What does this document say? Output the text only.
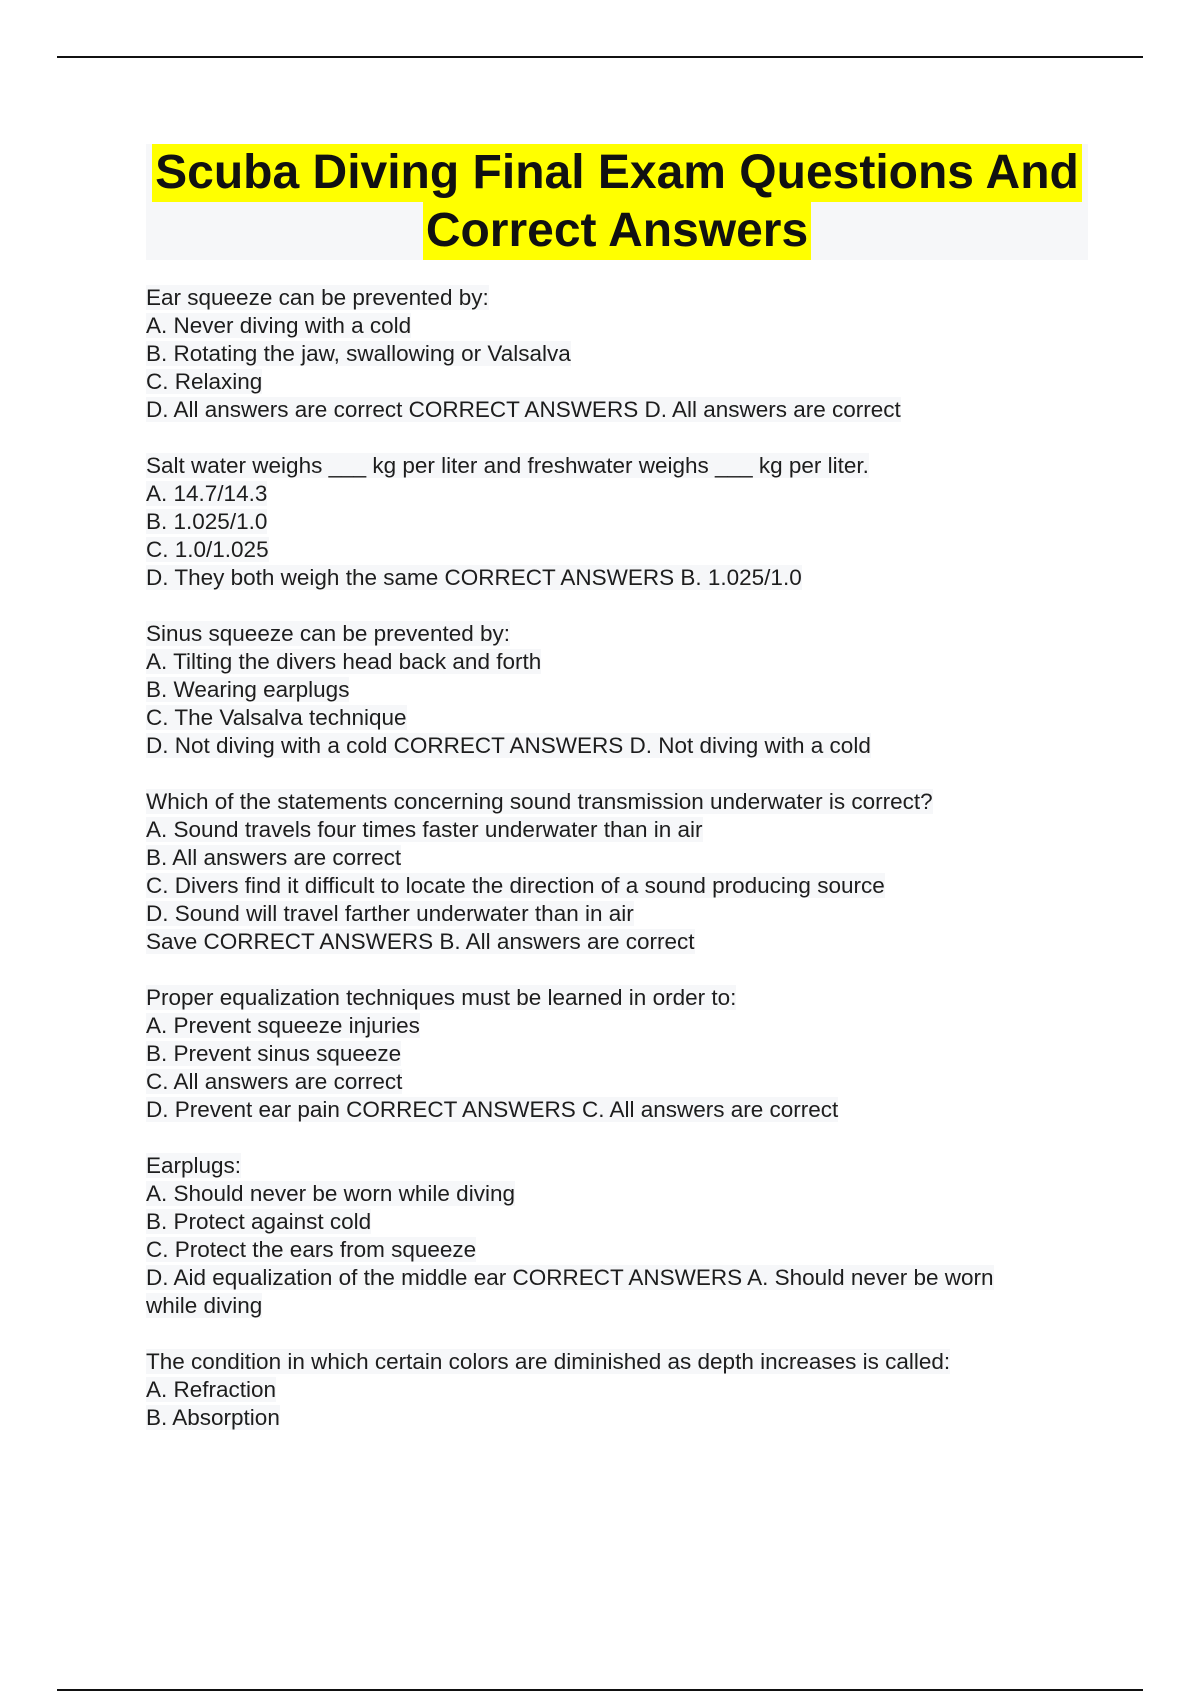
Scuba Diving Final Exam Questions And
Correct Answers
Ear squeeze can be prevented by:
A. Never diving with a cold
B. Rotating the jaw, swallowing or Valsalva
C. Relaxing
D. All answers are correct CORRECT ANSWERS D. All answers are correct
Salt water weighs ___ kg per liter and freshwater weighs ___ kg per liter.
A. 14.7/14.3
B. 1.025/1.0
C. 1.0/1.025
D. They both weigh the same CORRECT ANSWERS B. 1.025/1.0
Sinus squeeze can be prevented by:
A. Tilting the divers head back and forth
B. Wearing earplugs
C. The Valsalva technique
D. Not diving with a cold CORRECT ANSWERS D. Not diving with a cold
Which of the statements concerning sound transmission underwater is correct?
A. Sound travels four times faster underwater than in air
B. All answers are correct
C. Divers find it difficult to locate the direction of a sound producing source
D. Sound will travel farther underwater than in air
Save CORRECT ANSWERS B. All answers are correct
Proper equalization techniques must be learned in order to:
A. Prevent squeeze injuries
B. Prevent sinus squeeze
C. All answers are correct
D. Prevent ear pain CORRECT ANSWERS C. All answers are correct
Earplugs:
A. Should never be worn while diving
B. Protect against cold
C. Protect the ears from squeeze
D. Aid equalization of the middle ear CORRECT ANSWERS A. Should never be worn
while diving
The condition in which certain colors are diminished as depth increases is called:
A. Refraction
B. Absorption
